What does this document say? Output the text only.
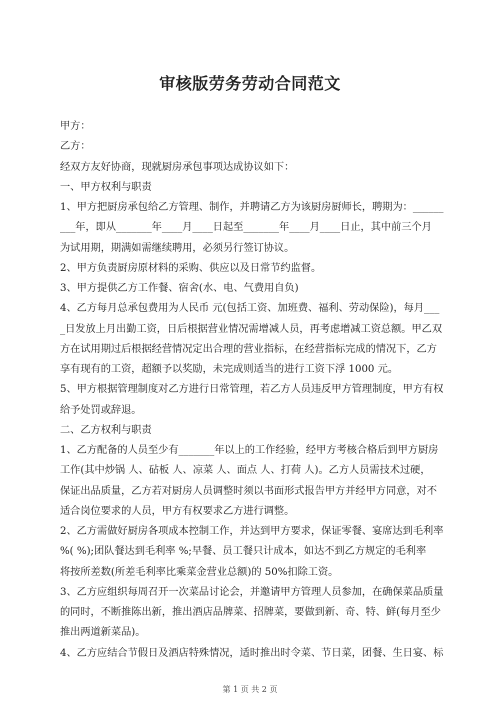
​
审核版劳务劳动合同范文

甲方：

乙方：

经双方友好协商，现就厨房承包事项达成协议如下：

一、甲方权利与职责

1、甲方把厨房承包给乙方管理、制作，并聘请乙方为该厨房厨师长，聘期为：______

___年，即从_______年____月____日起至_______年____月____日止，其中前三个月

为试用期，期满如需继续聘用，必须另行签订协议。

2、甲方负责厨房原材料的采购、供应以及日常节约监督。

3、甲方提供乙方工作餐、宿舍(水、电、气费用自负)

4、乙方每月总承包费用为人民币 元(包括工资、加班费、福利、劳动保险)，每月___

_日发放上月出勤工资，日后根据营业情况需增减人员，再考虑增减工资总额。甲乙双

方在试用期过后根据经营情况定出合理的营业指标，在经营指标完成的情况下，乙方

享有现有的工资，超额予以奖励，未完成则适当的进行工资下浮 1000 元。

5、甲方根据管理制度对乙方进行日常管理，若乙方人员违反甲方管理制度，甲方有权

给予处罚或辞退。

二、乙方权利与职责

1、乙方配备的人员至少有_______年以上的工作经验，经甲方考核合格后到甲方厨房

工作(其中炒锅 人、砧板 人、凉菜 人、面点 人、打荷 人)。乙方人员需技术过硬，

保证出品质量，乙方若对厨房人员调整时须以书面形式报告甲方并经甲方同意，对不

适合岗位要求的人员，甲方有权要求乙方进行调整。

2、乙方需做好厨房各项成本控制工作，并达到甲方要求，保证零餐、宴席达到毛利率

%( %);团队餐达到毛利率 %;早餐、员工餐只计成本，如达不到乙方规定的毛利率

将按所差数(所差毛利率比乘菜金营业总额)的 50%扣除工资。

3、乙方应组织每周召开一次菜品讨论会，并邀请甲方管理人员参加，在确保菜品质量

的同时，不断推陈出新，推出酒店品牌菜、招牌菜，要做到新、奇、特、鲜(每月至少

推出两道新菜品)。

4、乙方应结合节假日及酒店特殊情况，适时推出时令菜、节日菜，团餐、生日宴、标

第 1 页 共 2 页
